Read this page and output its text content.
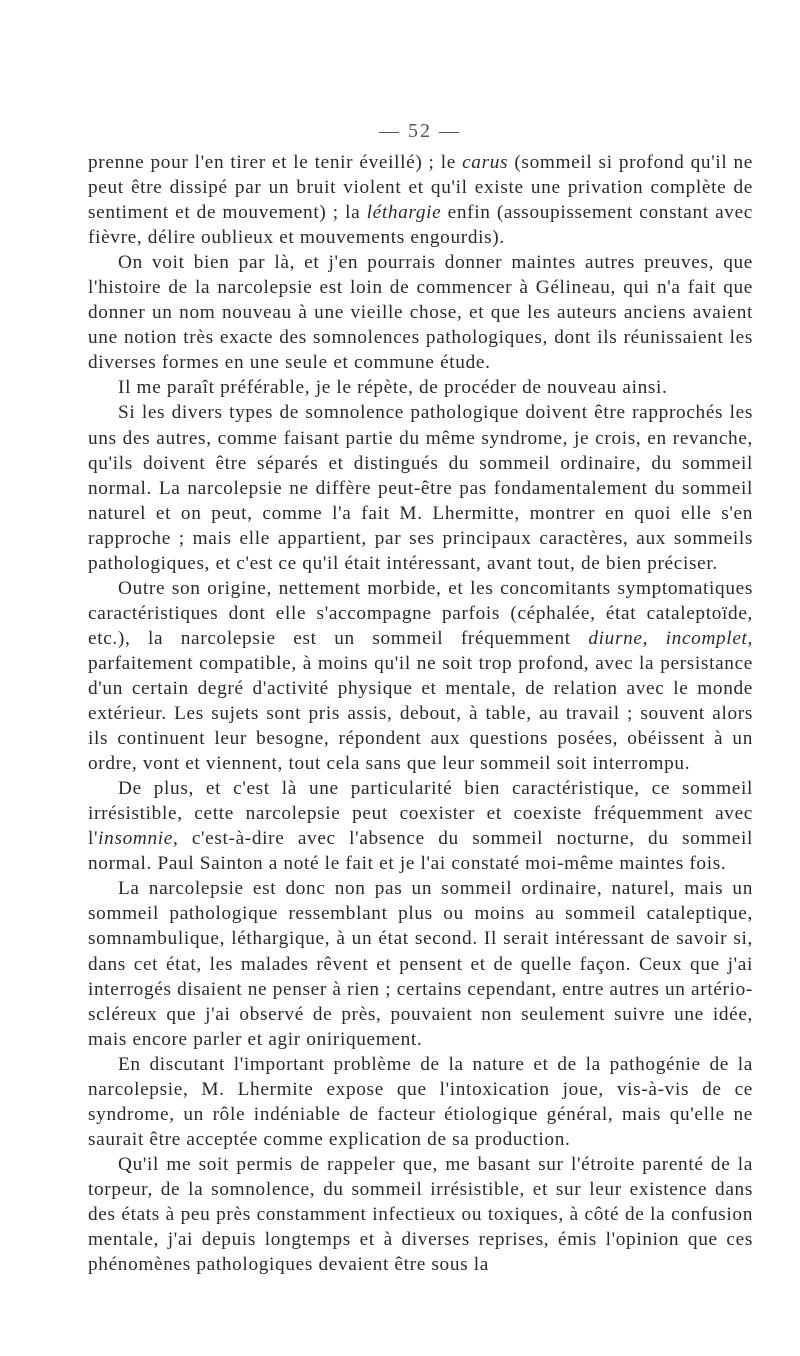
— 52 —

prenne pour l'en tirer et le tenir éveillé) ; le carus (sommeil si profond qu'il ne peut être dissipé par un bruit violent et qu'il existe une privation complète de sentiment et de mouvement) ; la léthargie enfin (assoupissement constant avec fièvre, délire oublieux et mouvements engourdis).

On voit bien par là, et j'en pourrais donner maintes autres preuves, que l'histoire de la narcolepsie est loin de commencer à Gélineau, qui n'a fait que donner un nom nouveau à une vieille chose, et que les auteurs anciens avaient une notion très exacte des somnolences pathologiques, dont ils réunissaient les diverses formes en une seule et commune étude.

Il me paraît préférable, je le répète, de procéder de nouveau ainsi.

Si les divers types de somnolence pathologique doivent être rapprochés les uns des autres, comme faisant partie du même syndrome, je crois, en revanche, qu'ils doivent être séparés et distingués du sommeil ordinaire, du sommeil normal. La narcolepsie ne diffère peut-être pas fondamentalement du sommeil naturel et on peut, comme l'a fait M. Lhermitte, montrer en quoi elle s'en rapproche ; mais elle appartient, par ses principaux caractères, aux sommeils pathologiques, et c'est ce qu'il était intéressant, avant tout, de bien préciser.

Outre son origine, nettement morbide, et les concomitants symptomatiques caractéristiques dont elle s'accompagne parfois (céphalée, état cataleptoïde, etc.), la narcolepsie est un sommeil fréquemment diurne, incomplet, parfaitement compatible, à moins qu'il ne soit trop profond, avec la persistance d'un certain degré d'activité physique et mentale, de relation avec le monde extérieur. Les sujets sont pris assis, debout, à table, au travail ; souvent alors ils continuent leur besogne, répondent aux questions posées, obéissent à un ordre, vont et viennent, tout cela sans que leur sommeil soit interrompu.

De plus, et c'est là une particularité bien caractéristique, ce sommeil irrésistible, cette narcolepsie peut coexister et coexiste fréquemment avec l'insomnie, c'est-à-dire avec l'absence du sommeil nocturne, du sommeil normal. Paul Sainton a noté le fait et je l'ai constaté moi-même maintes fois.

La narcolepsie est donc non pas un sommeil ordinaire, naturel, mais un sommeil pathologique ressemblant plus ou moins au sommeil cataleptique, somnambulique, léthargique, à un état second. Il serait intéressant de savoir si, dans cet état, les malades rêvent et pensent et de quelle façon. Ceux que j'ai interrogés disaient ne penser à rien ; certains cependant, entre autres un artério-scléreux que j'ai observé de près, pouvaient non seulement suivre une idée, mais encore parler et agir oniriquement.

En discutant l'important problème de la nature et de la pathogénie de la narcolepsie, M. Lhermite expose que l'intoxication joue, vis-à-vis de ce syndrome, un rôle indéniable de facteur étiologique général, mais qu'elle ne saurait être acceptée comme explication de sa production.

Qu'il me soit permis de rappeler que, me basant sur l'étroite parenté de la torpeur, de la somnolence, du sommeil irrésistible, et sur leur existence dans des états à peu près constamment infectieux ou toxiques, à côté de la confusion mentale, j'ai depuis longtemps et à diverses reprises, émis l'opinion que ces phénomènes pathologiques devaient être sous la
